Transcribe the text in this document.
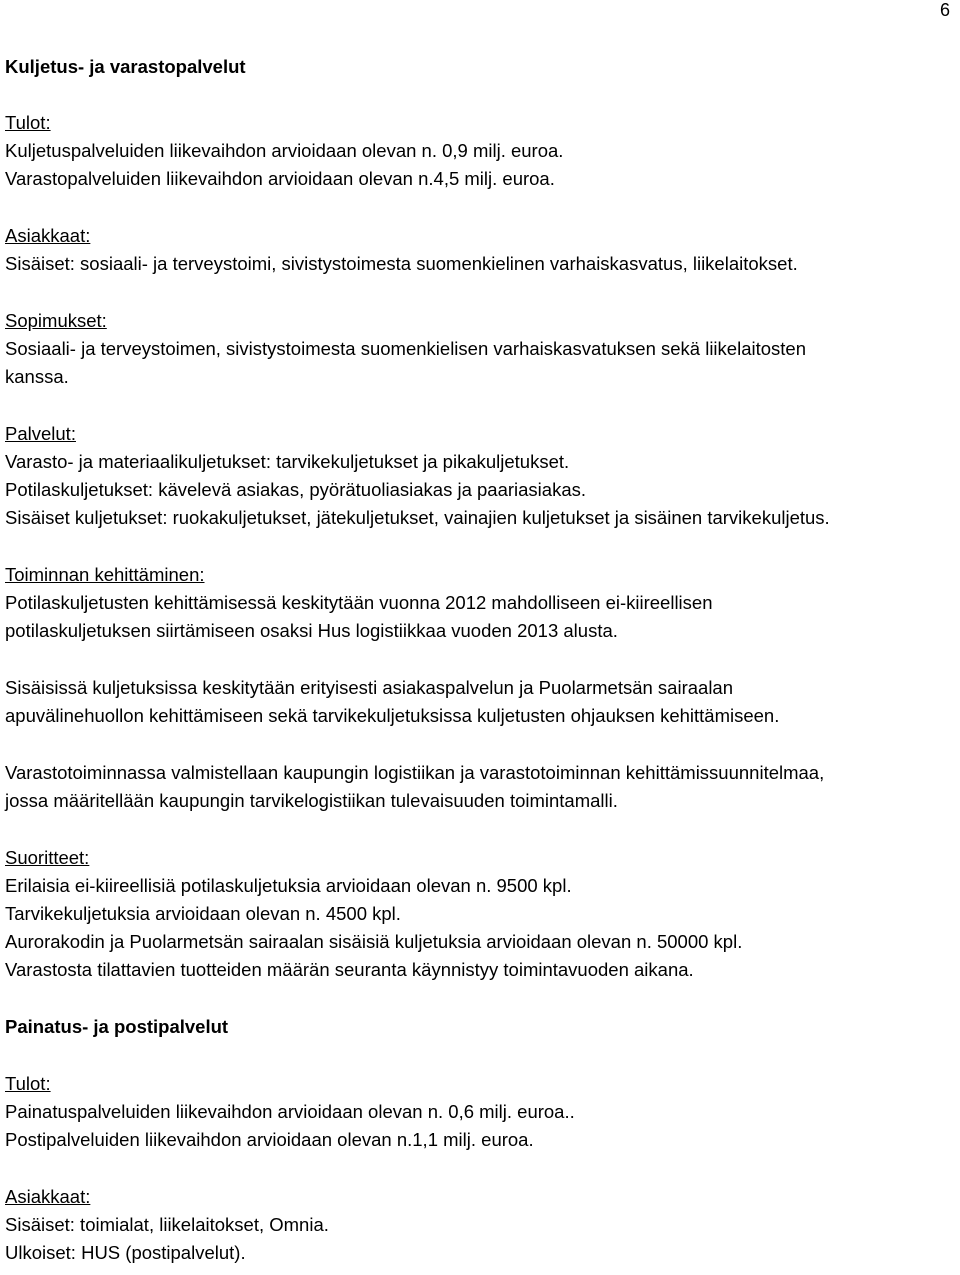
6

Kuljetus- ja varastopalvelut

Tulot:

Kuljetuspalveluiden liikevaihdon arvioidaan olevan n. 0,9 milj. euroa.

Varastopalveluiden liikevaihdon arvioidaan olevan n.4,5 milj. euroa.

Asiakkaat:

Sisäiset: sosiaali- ja terveystoimi, sivistystoimesta suomenkielinen varhaiskasvatus, liikelaitokset.

Sopimukset:

Sosiaali- ja terveystoimen, sivistystoimesta suomenkielisen varhaiskasvatuksen sekä liikelaitosten

kanssa.

Palvelut:

Varasto- ja materiaalikuljetukset: tarvikekuljetukset ja pikakuljetukset.

Potilaskuljetukset: kävelevä asiakas, pyörätuoliasiakas ja paariasiakas.

Sisäiset kuljetukset: ruokakuljetukset, jätekuljetukset, vainajien kuljetukset ja sisäinen tarvikekuljetus.

Toiminnan kehittäminen:

Potilaskuljetusten kehittämisessä keskitytään vuonna 2012 mahdolliseen ei-kiireellisen

potilaskuljetuksen siirtämiseen osaksi Hus logistiikkaa vuoden 2013 alusta.

Sisäisissä kuljetuksissa keskitytään erityisesti asiakaspalvelun ja Puolarmetsän sairaalan

apuvälinehuollon kehittämiseen sekä tarvikekuljetuksissa kuljetusten ohjauksen kehittämiseen.

Varastotoiminnassa valmistellaan kaupungin logistiikan ja varastotoiminnan kehittämissuunnitelmaa,

jossa määritellään kaupungin tarvikelogistiikan tulevaisuuden toimintamalli.

Suoritteet:

Erilaisia ei-kiireellisiä potilaskuljetuksia arvioidaan olevan n. 9500 kpl.

Tarvikekuljetuksia arvioidaan olevan n. 4500 kpl.

Aurorakodin ja Puolarmetsän sairaalan sisäisiä kuljetuksia arvioidaan olevan n. 50000 kpl.

Varastosta tilattavien tuotteiden määrän seuranta käynnistyy toimintavuoden aikana.

Painatus- ja postipalvelut

Tulot:

Painatuspalveluiden liikevaihdon arvioidaan olevan n. 0,6 milj. euroa..

Postipalveluiden liikevaihdon arvioidaan olevan n.1,1 milj. euroa.

Asiakkaat:

Sisäiset: toimialat, liikelaitokset, Omnia.

Ulkoiset: HUS (postipalvelut).
